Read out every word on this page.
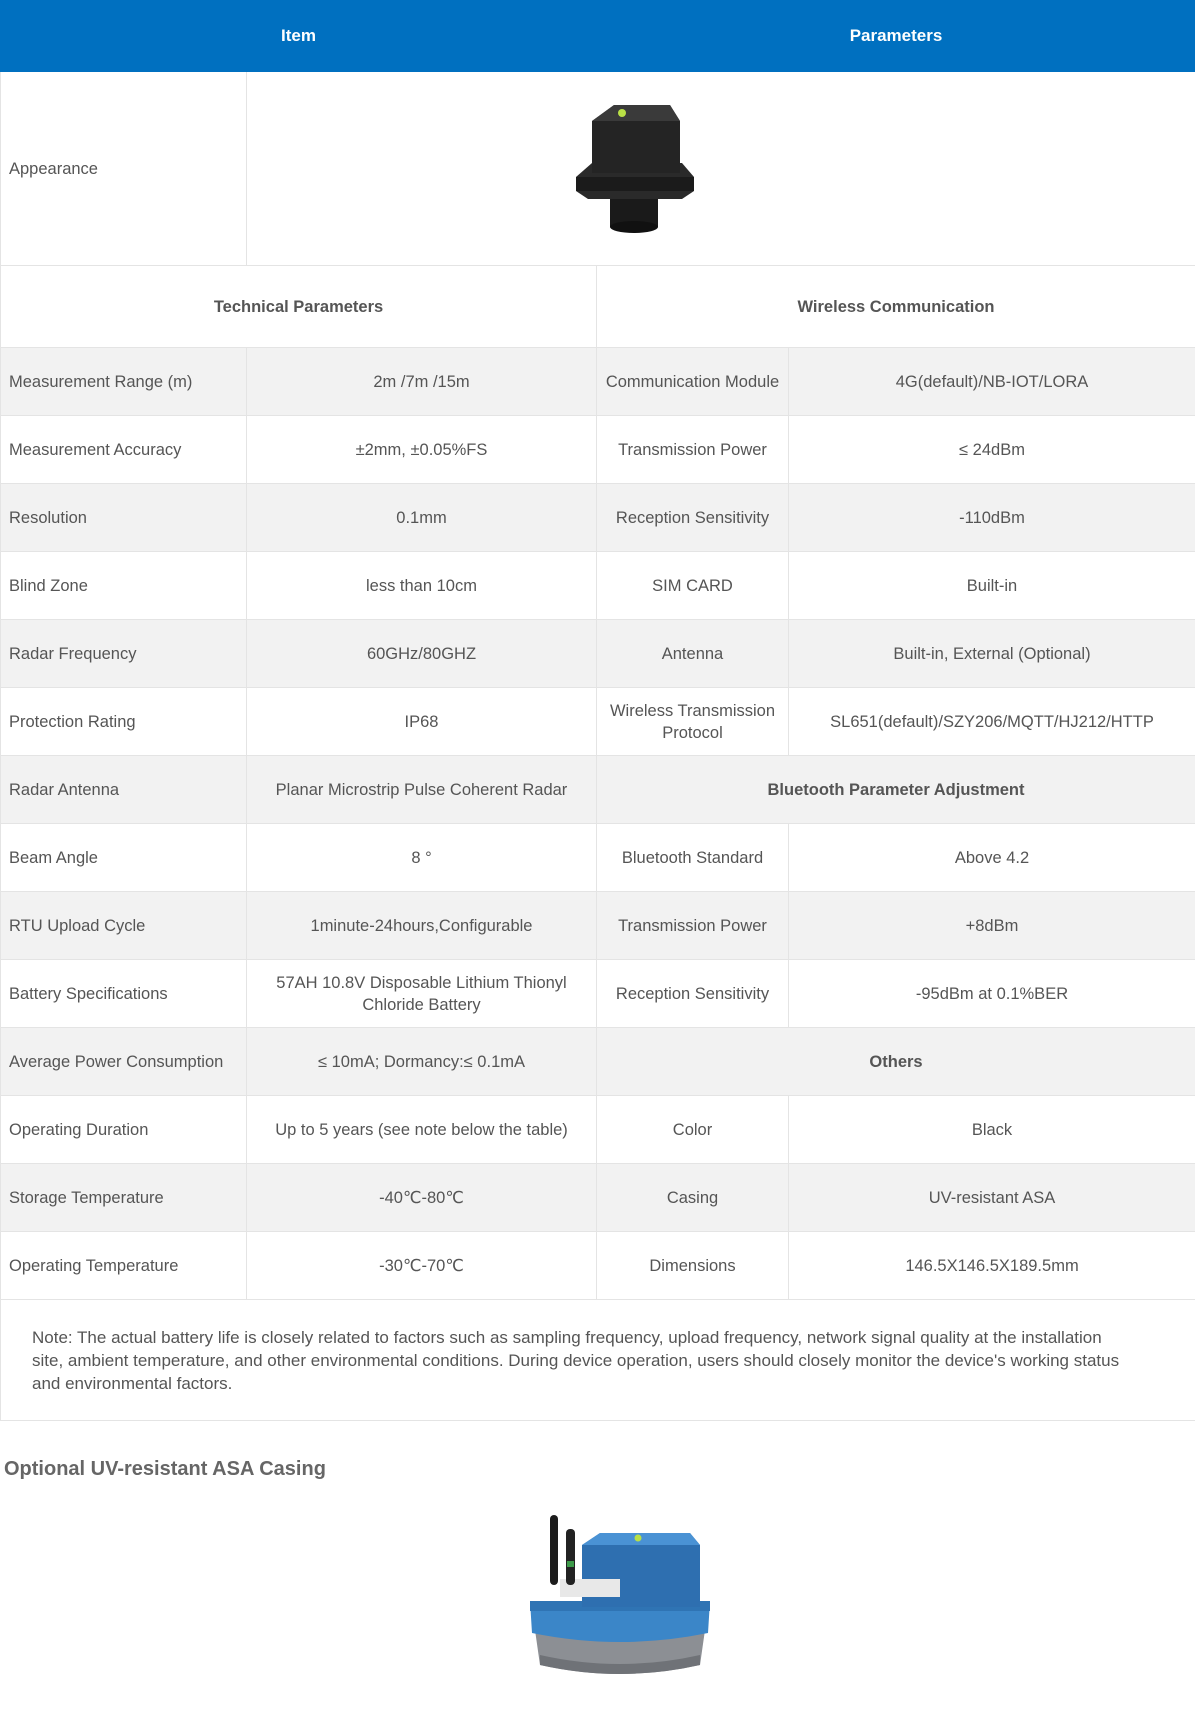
Item		Parameters	
Appearance	

Technical Parameters		Wireless Communication	
Measurement Range (m)	2m /7m /15m	Communication Module	4G(default)/NB-IOT/LORA
Measurement Accuracy	±2mm, ±0.05%FS	Transmission Power	≤ 24dBm
Resolution	0.1mm	Reception Sensitivity	-110dBm
Blind Zone	less than 10cm	SIM CARD	Built-in
Radar Frequency	60GHz/80GHZ	Antenna	Built-in, External (Optional)
Protection Rating	IP68	Wireless Transmission Protocol	SL651(default)/SZY206/MQTT/HJ212/HTTP
Radar Antenna	Planar Microstrip Pulse Coherent Radar	Bluetooth Parameter Adjustment	
Beam Angle	8 °	Bluetooth Standard	Above 4.2
RTU Upload Cycle	1minute-24hours,Configurable	Transmission Power	+8dBm
Battery Specifications	57AH 10.8V Disposable Lithium Thionyl Chloride Battery	Reception Sensitivity	-95dBm at 0.1%BER
Average Power Consumption	≤ 10mA; Dormancy:≤ 0.1mA	Others	
Operating Duration	Up to 5 years (see note below the table)	Color	Black
Storage Temperature	-40℃-80℃	Casing	UV-resistant ASA
Operating Temperature	-30℃-70℃	Dimensions	146.5X146.5X189.5mm
Note: The actual battery life is closely related to factors such as sampling frequency, upload frequency, network signal quality at the installation site, ambient temperature, and other environmental conditions. During device operation, users should closely monitor the device's working status and environmental factors.			
Optional UV-resistant ASA Casing
